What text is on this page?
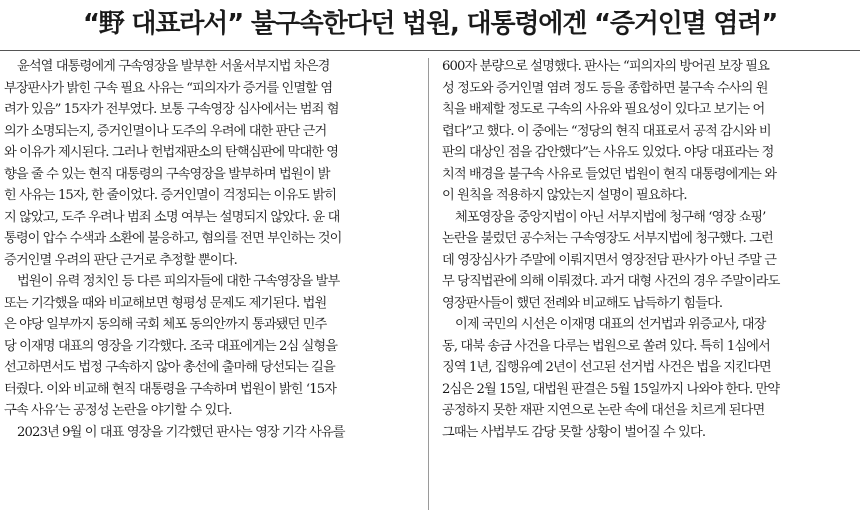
“野 대표라서” 불구속한다던 법원, 대통령에겐 “증거인멸 염려”
윤석열 대통령에게 구속영장을 발부한 서울서부지법 차은경
부장판사가 밝힌 구속 필요 사유는 “피의자가 증거를 인멸할 염
려가 있음” 15자가 전부였다. 보통 구속영장 심사에서는 범죄 혐
의가 소명되는지, 증거인멸이나 도주의 우려에 대한 판단 근거
와 이유가 제시된다. 그러나 헌법재판소의 탄핵심판에 막대한 영
향을 줄 수 있는 현직 대통령의 구속영장을 발부하며 법원이 밝
힌 사유는 15자, 한 줄이었다. 증거인멸이 걱정되는 이유도 밝히
지 않았고, 도주 우려나 범죄 소명 여부는 설명되지 않았다. 윤 대
통령이 압수 수색과 소환에 불응하고, 혐의를 전면 부인하는 것이
증거인멸 우려의 판단 근거로 추정할 뿐이다.
법원이 유력 정치인 등 다른 피의자들에 대한 구속영장을 발부
또는 기각했을 때와 비교해보면 형평성 문제도 제기된다. 법원
은 야당 일부까지 동의해 국회 체포 동의안까지 통과됐던 민주
당 이재명 대표의 영장을 기각했다. 조국 대표에게는 2심 실형을
선고하면서도 법정 구속하지 않아 총선에 출마해 당선되는 길을
터줬다. 이와 비교해 현직 대통령을 구속하며 법원이 밝힌 ‘15자
구속 사유’는 공정성 논란을 야기할 수 있다.
2023년 9월 이 대표 영장을 기각했던 판사는 영장 기각 사유를
600자 분량으로 설명했다. 판사는 “피의자의 방어권 보장 필요
성 정도와 증거인멸 염려 정도 등을 종합하면 불구속 수사의 원
칙을 배제할 정도로 구속의 사유와 필요성이 있다고 보기는 어
렵다”고 했다. 이 중에는 “정당의 현직 대표로서 공적 감시와 비
판의 대상인 점을 감안했다”는 사유도 있었다. 야당 대표라는 정
치적 배경을 불구속 사유로 들었던 법원이 현직 대통령에게는 와
이 원칙을 적용하지 않았는지 설명이 필요하다.
체포영장을 중앙지법이 아닌 서부지법에 청구해 ‘영장 쇼핑’
논란을 불렀던 공수처는 구속영장도 서부지법에 청구했다. 그런
데 영장심사가 주말에 이뤄지면서 영장전담 판사가 아닌 주말 근
무 당직법관에 의해 이뤄졌다. 과거 대형 사건의 경우 주말이라도
영장판사들이 했던 전례와 비교해도 납득하기 힘들다.
이제 국민의 시선은 이재명 대표의 선거법과 위증교사, 대장
동, 대북 송금 사건을 다루는 법원으로 쏠려 있다. 특히 1심에서
징역 1년, 집행유예 2년이 선고된 선거법 사건은 법을 지킨다면
2심은 2월 15일, 대법원 판결은 5월 15일까지 나와야 한다. 만약
공정하지 못한 재판 지연으로 논란 속에 대선을 치르게 된다면
그때는 사법부도 감당 못할 상황이 벌어질 수 있다.
